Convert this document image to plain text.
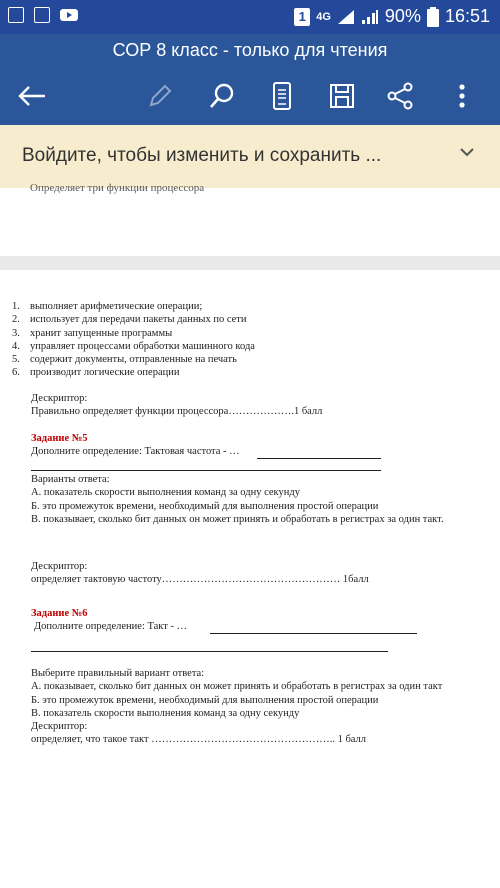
1 4G	90% 16:51
СОР 8 класс - только для чтения
Войдите, чтобы изменить и сохранить ...
Определяет три функции процессора
1. выполняет арифметические операции;
2. использует для передачи пакеты данных по сети
3. хранит запущенные программы
4. управляет процессами обработки машинного кода
5. содержит документы, отправленные на печать
6. производит логические операции
Дескриптор:
Правильно определяет функции процессора……………….1 балл
Задание №5
Дополните определение: Тактовая частота - …
Варианты ответа:
А. показатель скорости выполнения команд за одну секунду
Б. это промежуток времени, необходимый для выполнения простой операции
В. показывает, сколько бит данных он может принять и обработать в регистрах за один такт.
Дескриптор:
определяет тактовую частоту…………………………………………… 1балл
Задание №6
Дополните определение: Такт - …
Выберите правильный вариант ответа:
А. показывает, сколько бит данных он может принять и обработать в регистрах за один такт
Б. это промежуток времени, необходимый для выполнения простой операции
В. показатель скорости выполнения команд за одну секунду
Дескриптор:
определяет, что такое такт …………………………………………….. 1 балл
